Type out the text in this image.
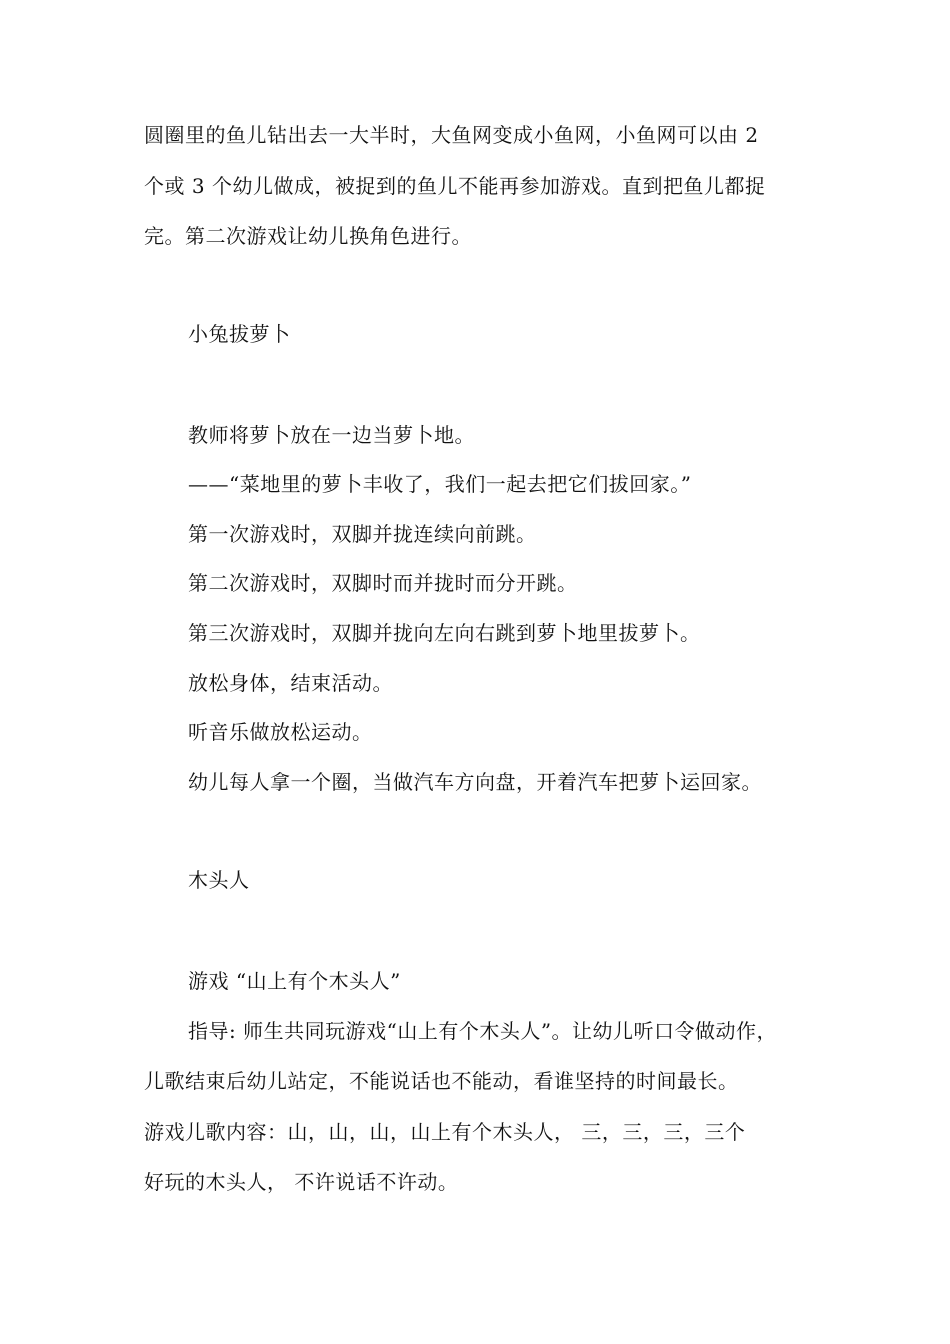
圆圈里的鱼儿钻出去一大半时，大鱼网变成小鱼网，小鱼网可以由 2
个或 3 个幼儿做成，被捉到的鱼儿不能再参加游戏。直到把鱼儿都捉
完。第二次游戏让幼儿换角色进行。
小兔拔萝卜
教师将萝卜放在一边当萝卜地。
——“菜地里的萝卜丰收了，我们一起去把它们拔回家。”
第一次游戏时，双脚并拢连续向前跳。
第二次游戏时，双脚时而并拢时而分开跳。
第三次游戏时，双脚并拢向左向右跳到萝卜地里拔萝卜。
放松身体，结束活动。
听音乐做放松运动。
幼儿每人拿一个圈，当做汽车方向盘，开着汽车把萝卜运回家。
木头人
游戏 “山上有个木头人”
指导: 师生共同玩游戏“山上有个木头人”。让幼儿听口令做动作，
儿歌结束后幼儿站定，不能说话也不能动，看谁坚持的时间最长。
游戏儿歌内容：山，山，山，山上有个木头人， 三，三，三，三个
好玩的木头人， 不许说话不许动。
